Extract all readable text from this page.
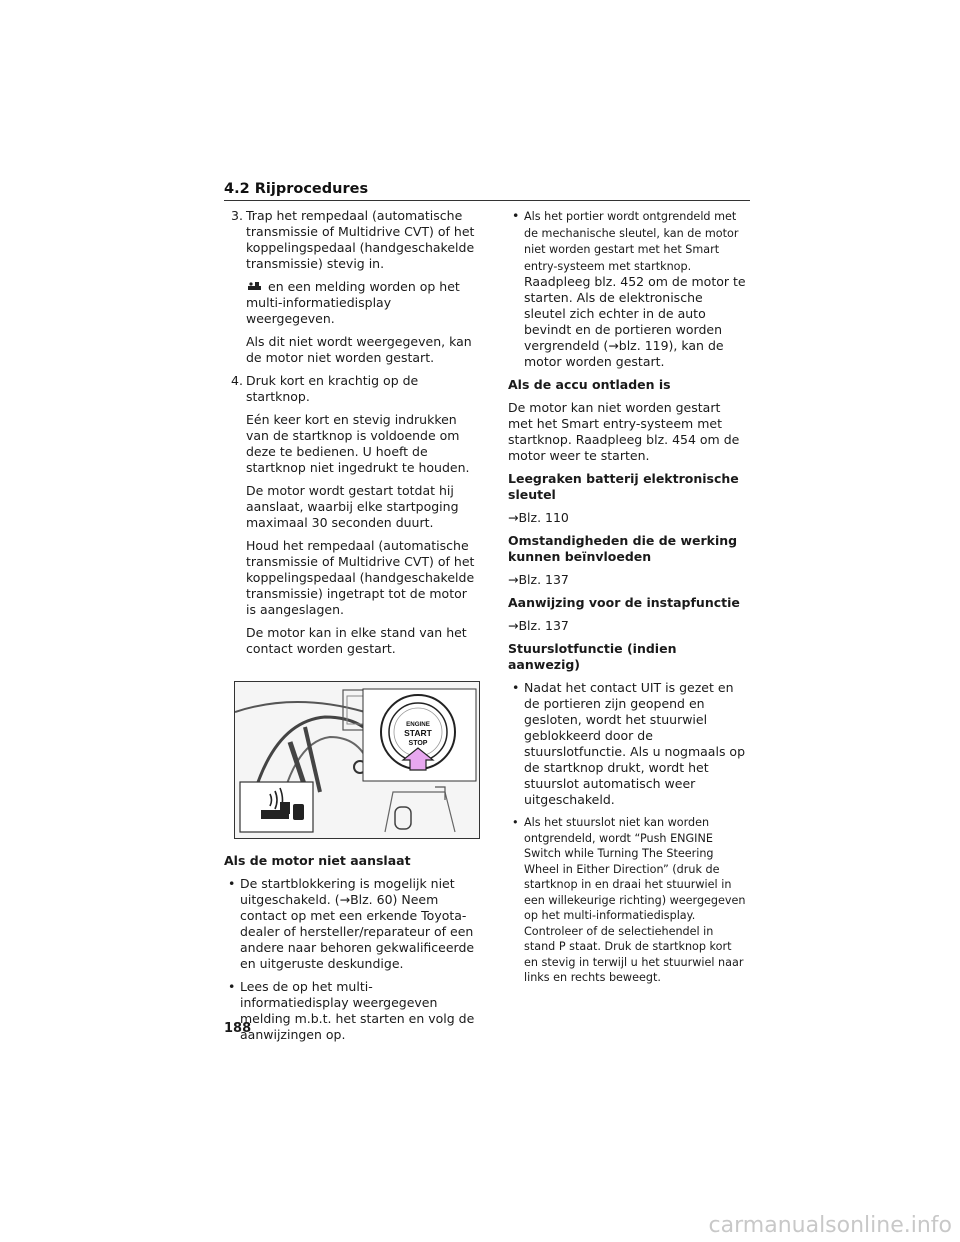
4.2 Rijprocedures

3. Trap het rempedaal (automatische transmissie of Multidrive CVT) of het koppelingspedaal (handgeschakelde transmissie) stevig in.

en een melding worden op het multi-informatiedisplay weergegeven.

Als dit niet wordt weergegeven, kan de motor niet worden gestart.

4. Druk kort en krachtig op de startknop.

Eén keer kort en stevig indrukken van de startknop is voldoende om deze te bedienen. U hoeft de startknop niet ingedrukt te houden.

De motor wordt gestart totdat hij aanslaat, waarbij elke startpoging maximaal 30 seconden duurt.

Houd het rempedaal (automatische transmissie of Multidrive CVT) of het koppelingspedaal (handgeschakelde transmissie) ingetrapt tot de motor is aangeslagen.

De motor kan in elke stand van het contact worden gestart.

ENGINE
START
STOP

Als de motor niet aanslaat

• De startblokkering is mogelijk niet uitgeschakeld. (→Blz. 60) Neem contact op met een erkende Toyota-dealer of hersteller/reparateur of een andere naar behoren gekwalificeerde en uitgeruste deskundige.

• Lees de op het multi-informatiedisplay weergegeven melding m.b.t. het starten en volg de aanwijzingen op.

• Als het portier wordt ontgrendeld met de mechanische sleutel, kan de motor niet worden gestart met het Smart entry-systeem met startknop.
Raadpleeg blz. 452 om de motor te starten. Als de elektronische sleutel zich echter in de auto bevindt en de portieren worden vergrendeld (→blz. 119), kan de motor worden gestart.

Als de accu ontladen is

De motor kan niet worden gestart met het Smart entry-systeem met startknop. Raadpleeg blz. 454 om de motor weer te starten.

Leegraken batterij elektronische sleutel

→Blz. 110

Omstandigheden die de werking kunnen beïnvloeden

→Blz. 137

Aanwijzing voor de instapfunctie

→Blz. 137

Stuurslotfunctie (indien aanwezig)

• Nadat het contact UIT is gezet en de portieren zijn geopend en gesloten, wordt het stuurwiel geblokkeerd door de stuurslotfunctie. Als u nogmaals op de startknop drukt, wordt het stuurslot automatisch weer uitgeschakeld.

• Als het stuurslot niet kan worden ontgrendeld, wordt “Push ENGINE Switch while Turning The Steering Wheel in Either Direction” (druk de startknop in en draai het stuurwiel in een willekeurige richting) weergegeven op het multi-informatiedisplay. Controleer of de selectiehendel in stand P staat. Druk de startknop kort en stevig in terwijl u het stuurwiel naar links en rechts beweegt.

188
carmanualsonline.info
